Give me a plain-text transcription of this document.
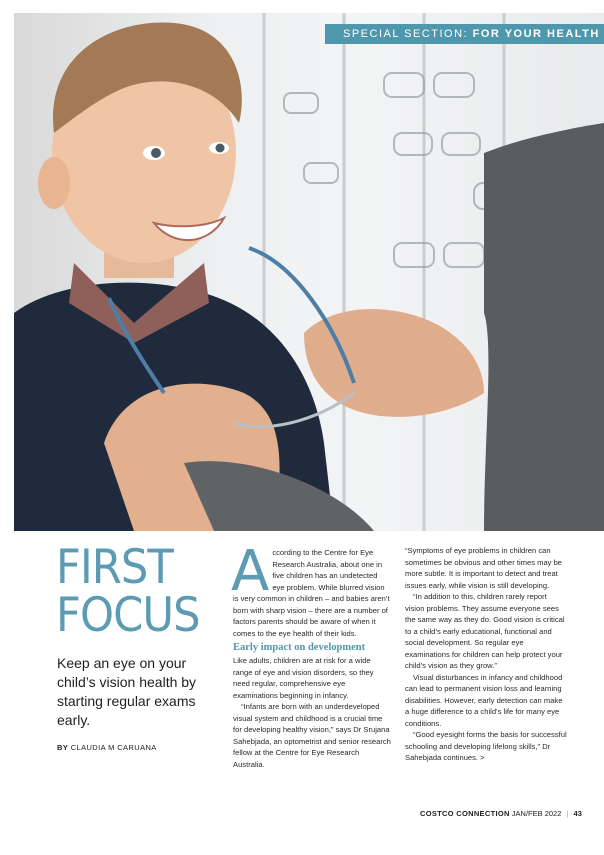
SPECIAL SECTION: FOR YOUR HEALTH
FIRST
FOCUS
Keep an eye on your child’s vision health by starting regular exams early.
BY CLAUDIA M CARUANA

According to the Centre for Eye Research Australia, about one in five children has an undetected eye problem. While blurred vision is very common in children – and babies aren’t born with sharp vision – there are a number of factors parents should be aware of when it comes to the eye health of their kids.

Early impact on development

Like adults, children are at risk for a wide range of eye and vision disorders, so they need regular, comprehensive eye examinations beginning in infancy.

“Infants are born with an underdeveloped visual system and childhood is a crucial time for developing healthy vision,” says Dr Srujana Sahebjada, an optometrist and senior research fellow at the Centre for Eye Research Australia.

“Symptoms of eye problems in children can sometimes be obvious and other times may be more subtle. It is important to detect and treat issues early, while vision is still developing.

“In addition to this, children rarely report vision problems. They assume everyone sees the same way as they do. Good vision is critical to a child’s early educational, functional and social development. So regular eye examinations for children can help protect your child’s vision as they grow.”

Visual disturbances in infancy and childhood can lead to permanent vision loss and learning disabilities. However, early detection can make a huge difference to a child’s life for many eye conditions.

“Good eyesight forms the basis for successful schooling and developing lifelong skills,” Dr Sahebjada continues. >

COSTCO CONNECTION JAN/FEB 2022 | 43
